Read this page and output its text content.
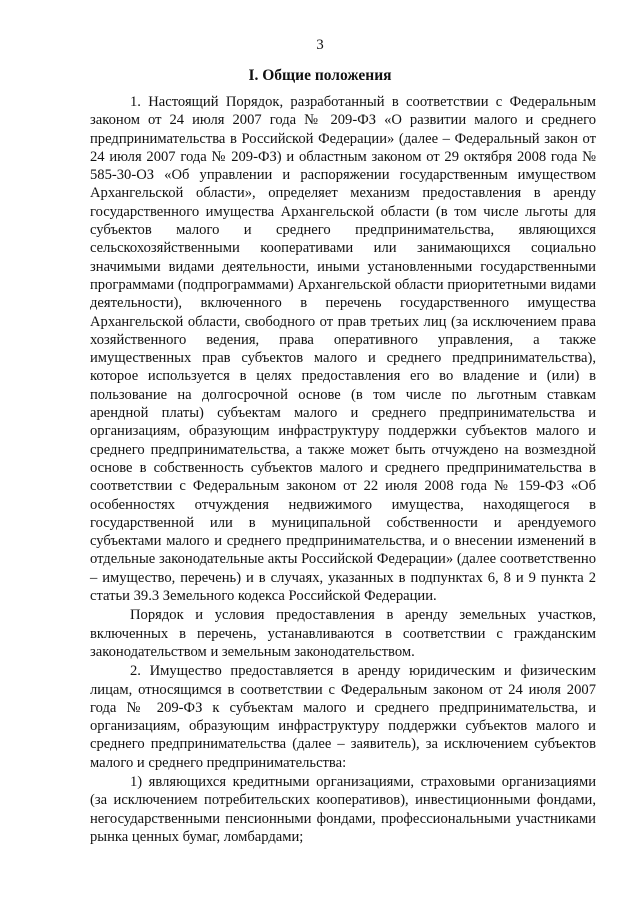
3
I. Общие положения

1. Настоящий Порядок, разработанный в соответствии с Федеральным законом от 24 июля 2007 года № 209-ФЗ «О развитии малого и среднего предпринимательства в Российской Федерации» (далее – Федеральный закон от 24 июля 2007 года № 209-ФЗ) и областным законом от 29 октября 2008 года № 585-30-ОЗ «Об управлении и распоряжении государственным имуществом Архангельской области», определяет механизм предоставления в аренду государственного имущества Архангельской области (в том числе льготы для субъектов малого и среднего предпринимательства, являющихся сельскохозяйственными кооперативами или занимающихся социально значимыми видами деятельности, иными установленными государственными программами (подпрограммами) Архангельской области приоритетными видами деятельности), включенного в перечень государственного имущества Архангельской области, свободного от прав третьих лиц (за исключением права хозяйственного ведения, права оперативного управления, а также имущественных прав субъектов малого и среднего предпринимательства), которое используется в целях предоставления его во владение и (или) в пользование на долгосрочной основе (в том числе по льготным ставкам арендной платы) субъектам малого и среднего предпринимательства и организациям, образующим инфраструктуру поддержки субъектов малого и среднего предпринимательства, а также может быть отчуждено на возмездной основе в собственность субъектов малого и среднего предпринимательства в соответствии с Федеральным законом от 22 июля 2008 года № 159-ФЗ «Об особенностях отчуждения недвижимого имущества, находящегося в государственной или в муниципальной собственности и арендуемого субъектами малого и среднего предпринимательства, и о внесении изменений в отдельные законодательные акты Российской Федерации» (далее соответственно – имущество, перечень) и в случаях, указанных в подпунктах 6, 8 и 9 пункта 2 статьи 39.3 Земельного кодекса Российской Федерации.

Порядок и условия предоставления в аренду земельных участков, включенных в перечень, устанавливаются в соответствии с гражданским законодательством и земельным законодательством.

2. Имущество предоставляется в аренду юридическим и физическим лицам, относящимся в соответствии с Федеральным законом от 24 июля 2007 года № 209-ФЗ к субъектам малого и среднего предпринимательства, и организациям, образующим инфраструктуру поддержки субъектов малого и среднего предпринимательства (далее – заявитель), за исключением субъектов малого и среднего предпринимательства:

1) являющихся кредитными организациями, страховыми организациями (за исключением потребительских кооперативов), инвестиционными фондами, негосударственными пенсионными фондами, профессиональными участниками рынка ценных бумаг, ломбардами;
